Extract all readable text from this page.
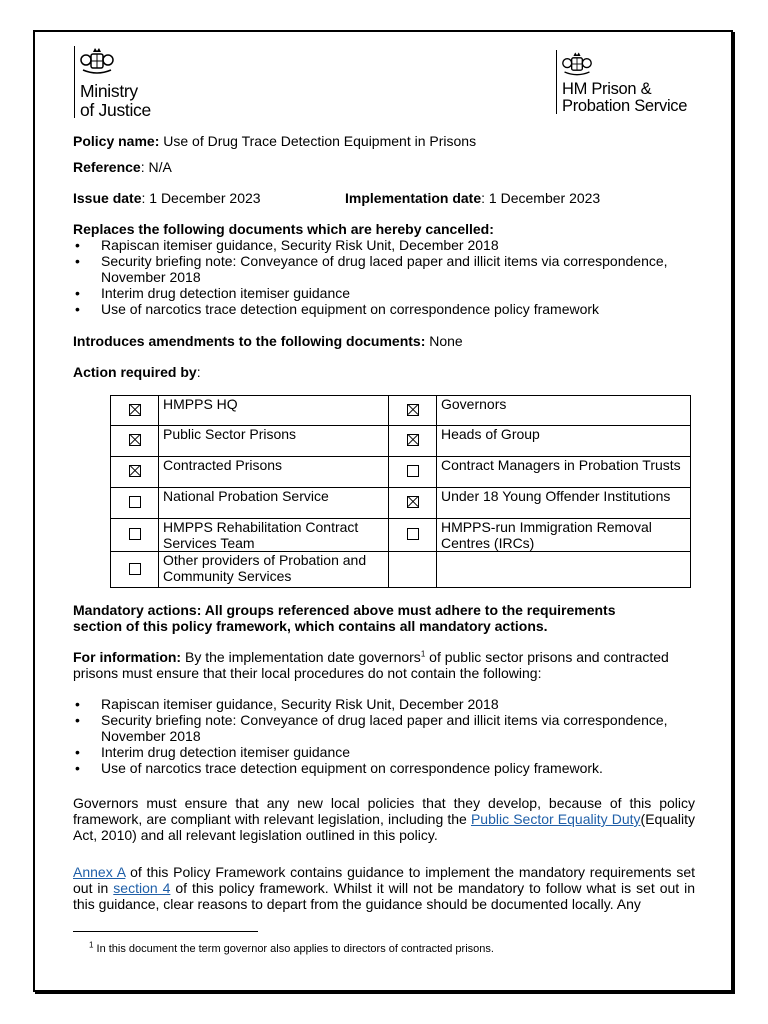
Ministry
of Justice
HM Prison &
Probation Service
Policy name: Use of Drug Trace Detection Equipment in Prisons
Reference: N/A
Issue date: 1 December 2023	Implementation date: 1 December 2023
Replaces the following documents which are hereby cancelled:
• Rapiscan itemiser guidance, Security Risk Unit, December 2018
• Security briefing note: Conveyance of drug laced paper and illicit items via correspondence, November 2018
• Interim drug detection itemiser guidance
• Use of narcotics trace detection equipment on correspondence policy framework
Introduces amendments to the following documents: None
Action required by:
	HMPPS HQ		Governors
	Public Sector Prisons		Heads of Group
	Contracted Prisons		Contract Managers in Probation Trusts
	National Probation Service		Under 18 Young Offender Institutions
	HMPPS Rehabilitation Contract Services Team		HMPPS-run Immigration Removal Centres (IRCs)
	Other providers of Probation and Community Services		
Mandatory actions: All groups referenced above must adhere to the requirements
section of this policy framework, which contains all mandatory actions.
For information: By the implementation date governors$^1$ of public sector prisons and contracted prisons must ensure that their local procedures do not contain the following:
• Rapiscan itemiser guidance, Security Risk Unit, December 2018
• Security briefing note: Conveyance of drug laced paper and illicit items via correspondence, November 2018
• Interim drug detection itemiser guidance
• Use of narcotics trace detection equipment on correspondence policy framework.
Governors must ensure that any new local policies that they develop, because of this policy framework, are compliant with relevant legislation, including the Public Sector Equality Duty(Equality Act, 2010) and all relevant legislation outlined in this policy.
Annex A of this Policy Framework contains guidance to implement the mandatory requirements set out in section 4 of this policy framework. Whilst it will not be mandatory to follow what is set out in this guidance, clear reasons to depart from the guidance should be documented locally. Any
$^1$ In this document the term governor also applies to directors of contracted prisons.
